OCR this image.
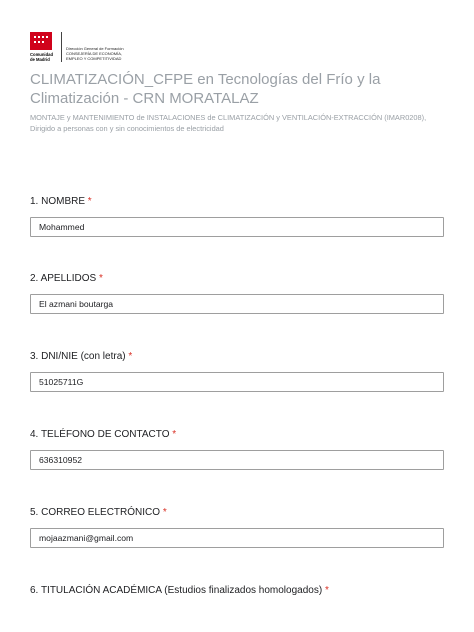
Comunidad
de Madrid
Dirección General de Formación
CONSEJERÍA DE ECONOMÍA,
EMPLEO Y COMPETITIVIDAD
CLIMATIZACIÓN_CFPE en Tecnologías del Frío y la Climatización - CRN MORATALAZ

MONTAJE y MANTENIMIENTO de INSTALACIONES de CLIMATIZACIÓN y VENTILACIÓN-EXTRACCIÓN (IMAR0208), Dirigido a personas con y sin conocimientos de electricidad

1. NOMBRE *
Mohammed
2. APELLIDOS *
El azmani boutarga
3. DNI/NIE (con letra) *
51025711G
4. TELÉFONO DE CONTACTO *
636310952
5. CORREO ELECTRÓNICO *
mojaazmani@gmail.com
6. TITULACIÓN ACADÉMICA (Estudios finalizados homologados) *
